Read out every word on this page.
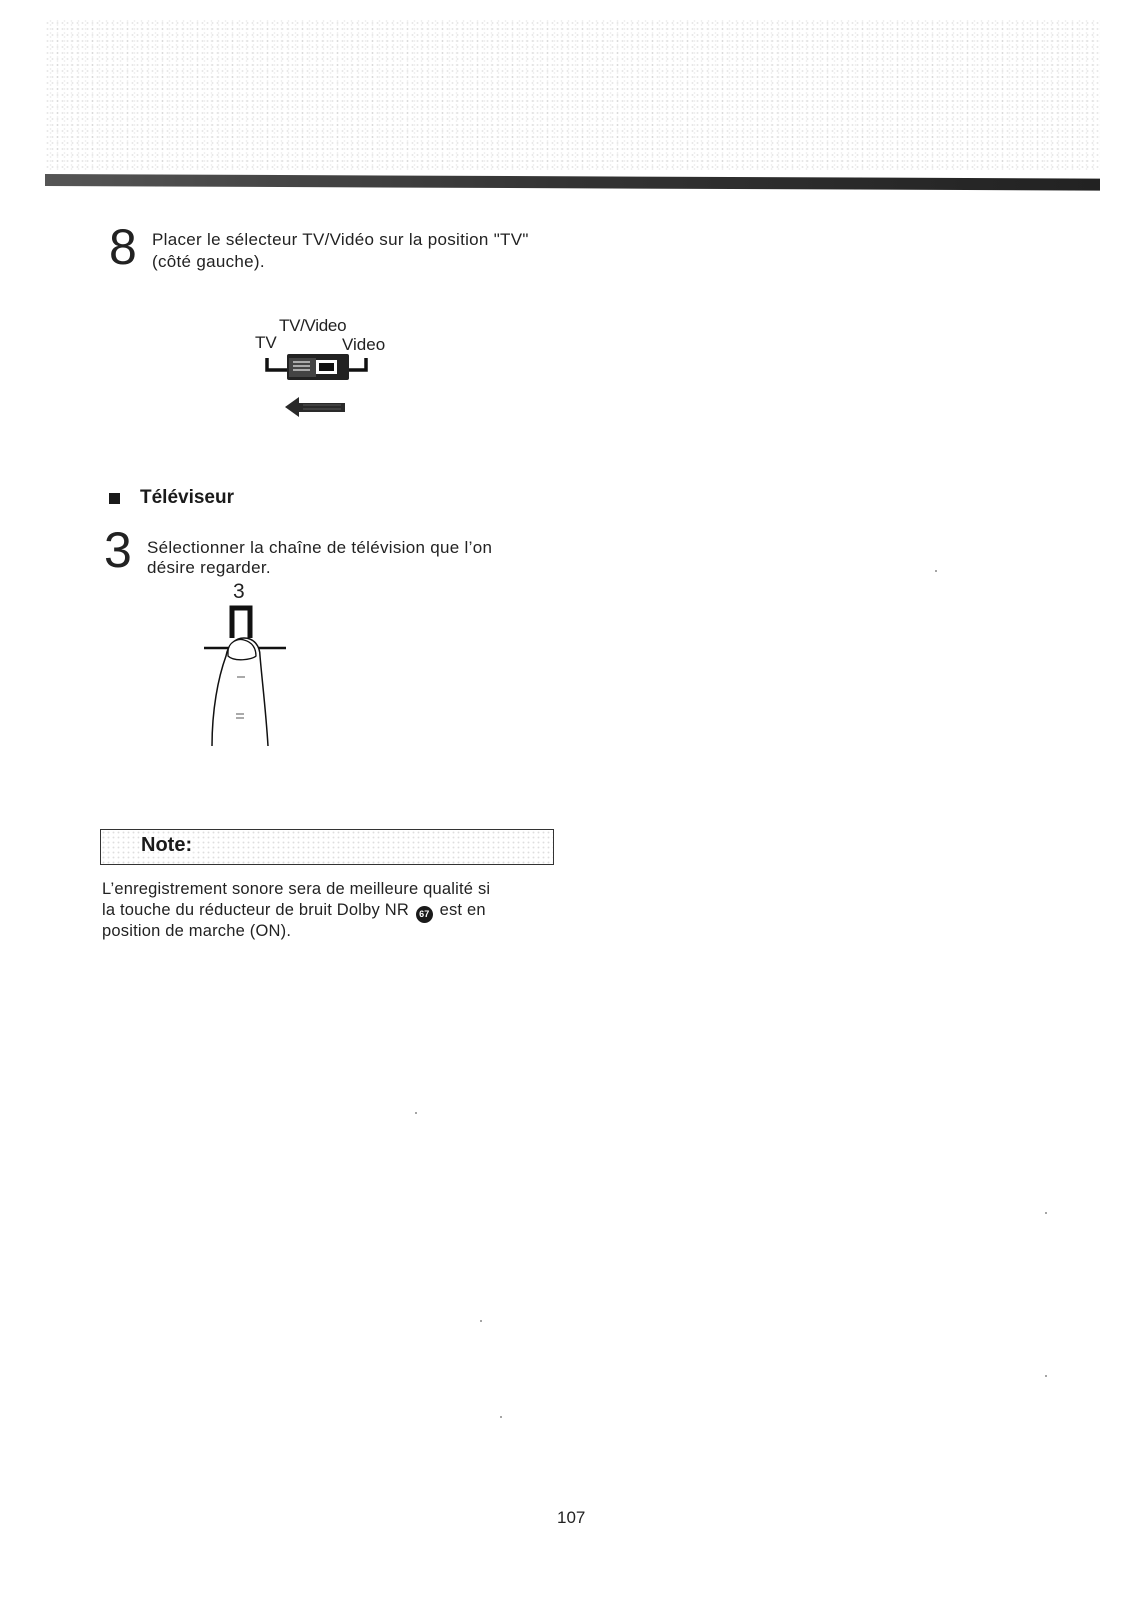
8 Placer le sélecteur TV/Vidéo sur la position "TV"
(côté gauche).
TV/Video
TV	Video
Téléviseur
3 Sélectionner la chaîne de télévision que l’on
désire regarder.
3
Note:
L’enregistrement sonore sera de meilleure qualité si
la touche du réducteur de bruit Dolby NR 67 est en
position de marche (ON).
107
